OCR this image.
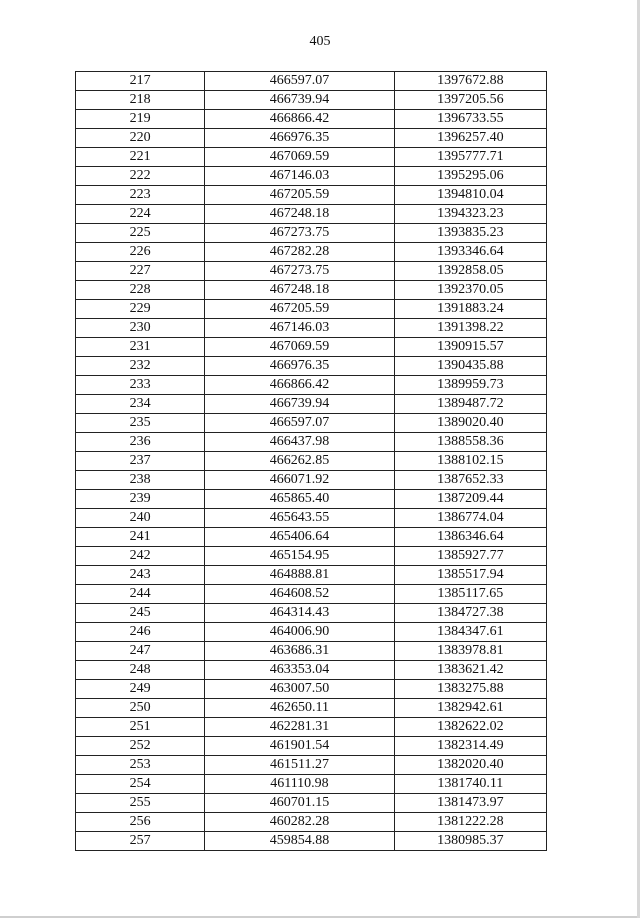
405
217	466597.07	1397672.88
218	466739.94	1397205.56
219	466866.42	1396733.55
220	466976.35	1396257.40
221	467069.59	1395777.71
222	467146.03	1395295.06
223	467205.59	1394810.04
224	467248.18	1394323.23
225	467273.75	1393835.23
226	467282.28	1393346.64
227	467273.75	1392858.05
228	467248.18	1392370.05
229	467205.59	1391883.24
230	467146.03	1391398.22
231	467069.59	1390915.57
232	466976.35	1390435.88
233	466866.42	1389959.73
234	466739.94	1389487.72
235	466597.07	1389020.40
236	466437.98	1388558.36
237	466262.85	1388102.15
238	466071.92	1387652.33
239	465865.40	1387209.44
240	465643.55	1386774.04
241	465406.64	1386346.64
242	465154.95	1385927.77
243	464888.81	1385517.94
244	464608.52	1385117.65
245	464314.43	1384727.38
246	464006.90	1384347.61
247	463686.31	1383978.81
248	463353.04	1383621.42
249	463007.50	1383275.88
250	462650.11	1382942.61
251	462281.31	1382622.02
252	461901.54	1382314.49
253	461511.27	1382020.40
254	461110.98	1381740.11
255	460701.15	1381473.97
256	460282.28	1381222.28
257	459854.88	1380985.37
